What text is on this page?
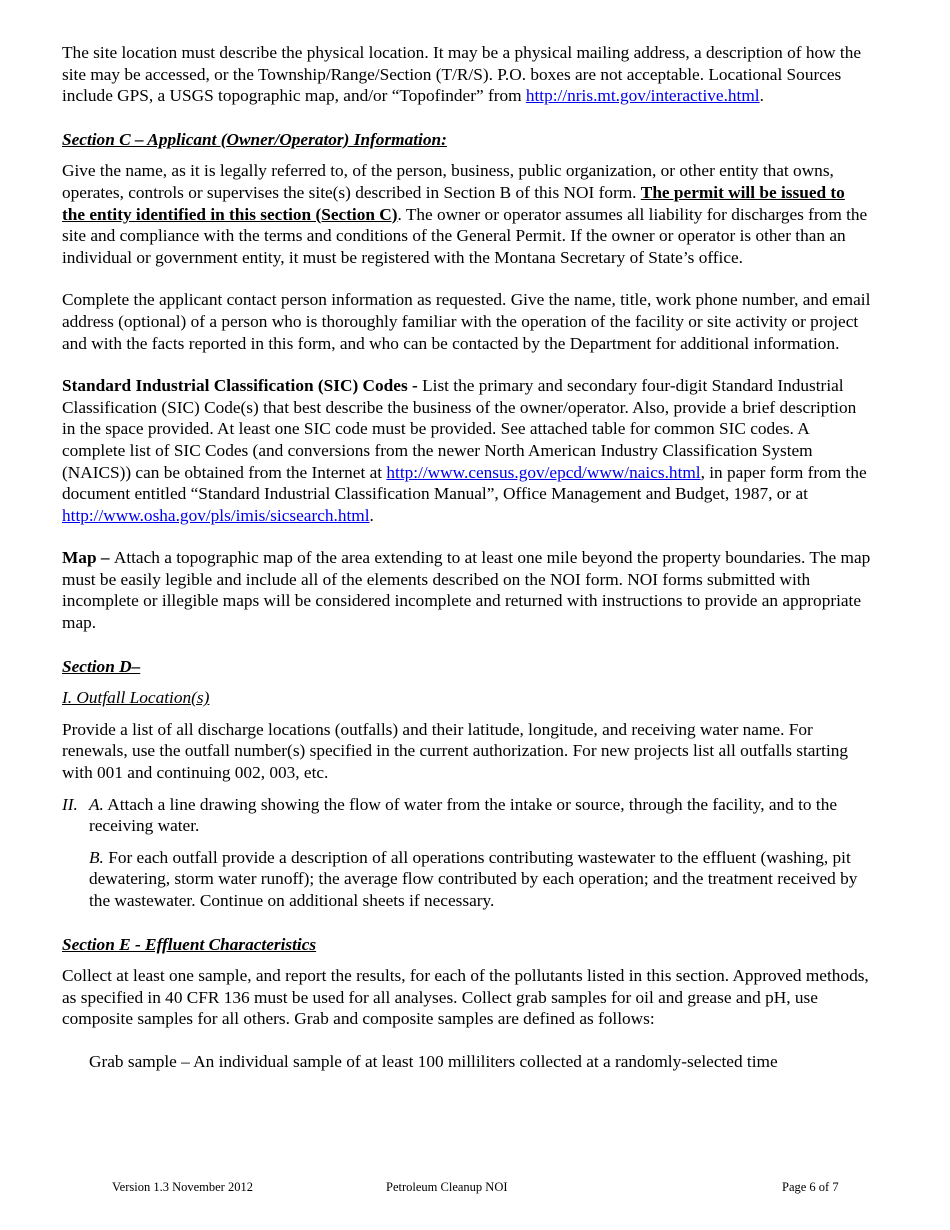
The site location must describe the physical location. It may be a physical mailing address, a description of how the site may be accessed, or the Township/Range/Section (T/R/S). P.O. boxes are not acceptable. Locational Sources include GPS, a USGS topographic map, and/or “Topofinder” from http://nris.mt.gov/interactive.html.

Section C – Applicant (Owner/Operator) Information:

Give the name, as it is legally referred to, of the person, business, public organization, or other entity that owns, operates, controls or supervises the site(s) described in Section B of this NOI form. The permit will be issued to the entity identified in this section (Section C). The owner or operator assumes all liability for discharges from the site and compliance with the terms and conditions of the General Permit. If the owner or operator is other than an individual or government entity, it must be registered with the Montana Secretary of State’s office.

Complete the applicant contact person information as requested. Give the name, title, work phone number, and email address (optional) of a person who is thoroughly familiar with the operation of the facility or site activity or project and with the facts reported in this form, and who can be contacted by the Department for additional information.

Standard Industrial Classification (SIC) Codes - List the primary and secondary four-digit Standard Industrial Classification (SIC) Code(s) that best describe the business of the owner/operator. Also, provide a brief description in the space provided. At least one SIC code must be provided. See attached table for common SIC codes. A complete list of SIC Codes (and conversions from the newer North American Industry Classification System (NAICS)) can be obtained from the Internet at http://www.census.gov/epcd/www/naics.html, in paper form from the document entitled “Standard Industrial Classification Manual”, Office Management and Budget, 1987, or at http://www.osha.gov/pls/imis/sicsearch.html.

Map – Attach a topographic map of the area extending to at least one mile beyond the property boundaries. The map must be easily legible and include all of the elements described on the NOI form. NOI forms submitted with incomplete or illegible maps will be considered incomplete and returned with instructions to provide an appropriate map.

Section D–

I. Outfall Location(s)

Provide a list of all discharge locations (outfalls) and their latitude, longitude, and receiving water name. For renewals, use the outfall number(s) specified in the current authorization. For new projects list all outfalls starting with 001 and continuing 002, 003, etc.

II. A. Attach a line drawing showing the flow of water from the intake or source, through the facility, and to the receiving water.

B. For each outfall provide a description of all operations contributing wastewater to the effluent (washing, pit dewatering, storm water runoff); the average flow contributed by each operation; and the treatment received by the wastewater. Continue on additional sheets if necessary.

Section E - Effluent Characteristics

Collect at least one sample, and report the results, for each of the pollutants listed in this section. Approved methods, as specified in 40 CFR 136 must be used for all analyses. Collect grab samples for oil and grease and pH, use composite samples for all others. Grab and composite samples are defined as follows:

Grab sample – An individual sample of at least 100 milliliters collected at a randomly-selected time

Version 1.3 November 2012	Petroleum Cleanup NOI	Page 6 of 7
